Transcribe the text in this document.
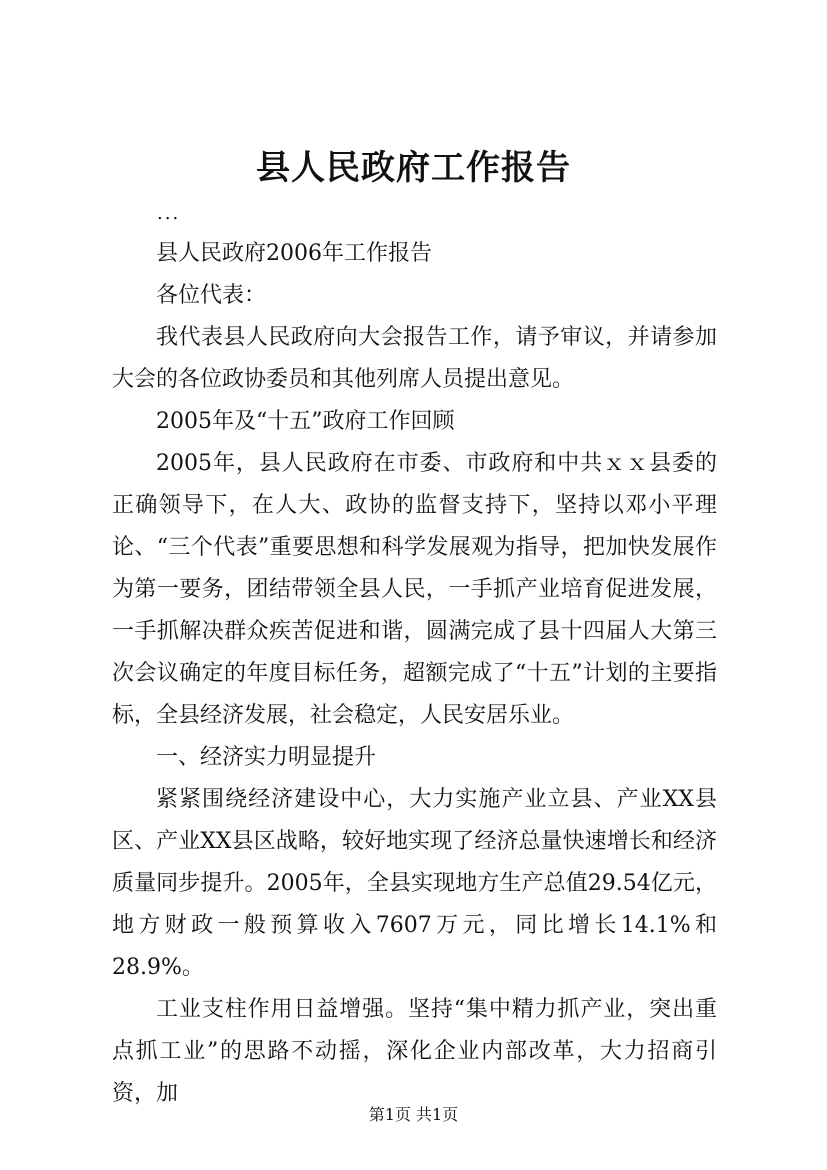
县人民政府工作报告
...

县人民政府2006年工作报告

各位代表：

我代表县人民政府向大会报告工作，请予审议，并请参加大会的各位政协委员和其他列席人员提出意见。

2005年及“十五”政府工作回顾

2005年，县人民政府在市委、市政府和中共ｘｘ县委的正确领导下，在人大、政协的监督支持下，坚持以邓小平理论、“三个代表”重要思想和科学发展观为指导，把加快发展作为第一要务，团结带领全县人民，一手抓产业培育促进发展，一手抓解决群众疾苦促进和谐，圆满完成了县十四届人大第三次会议确定的年度目标任务，超额完成了“十五”计划的主要指标，全县经济发展，社会稳定，人民安居乐业。

一、经济实力明显提升

紧紧围绕经济建设中心，大力实施产业立县、产业XX县区、产业XX县区战略，较好地实现了经济总量快速增长和经济质量同步提升。2005年，全县实现地方生产总值29.54亿元，地方财政一般预算收入7607万元，同比增长14.1%和28.9%。

工业支柱作用日益增强。坚持“集中精力抓产业，突出重点抓工业”的思路不动摇，深化企业内部改革，大力招商引资，加

第1页 共1页
